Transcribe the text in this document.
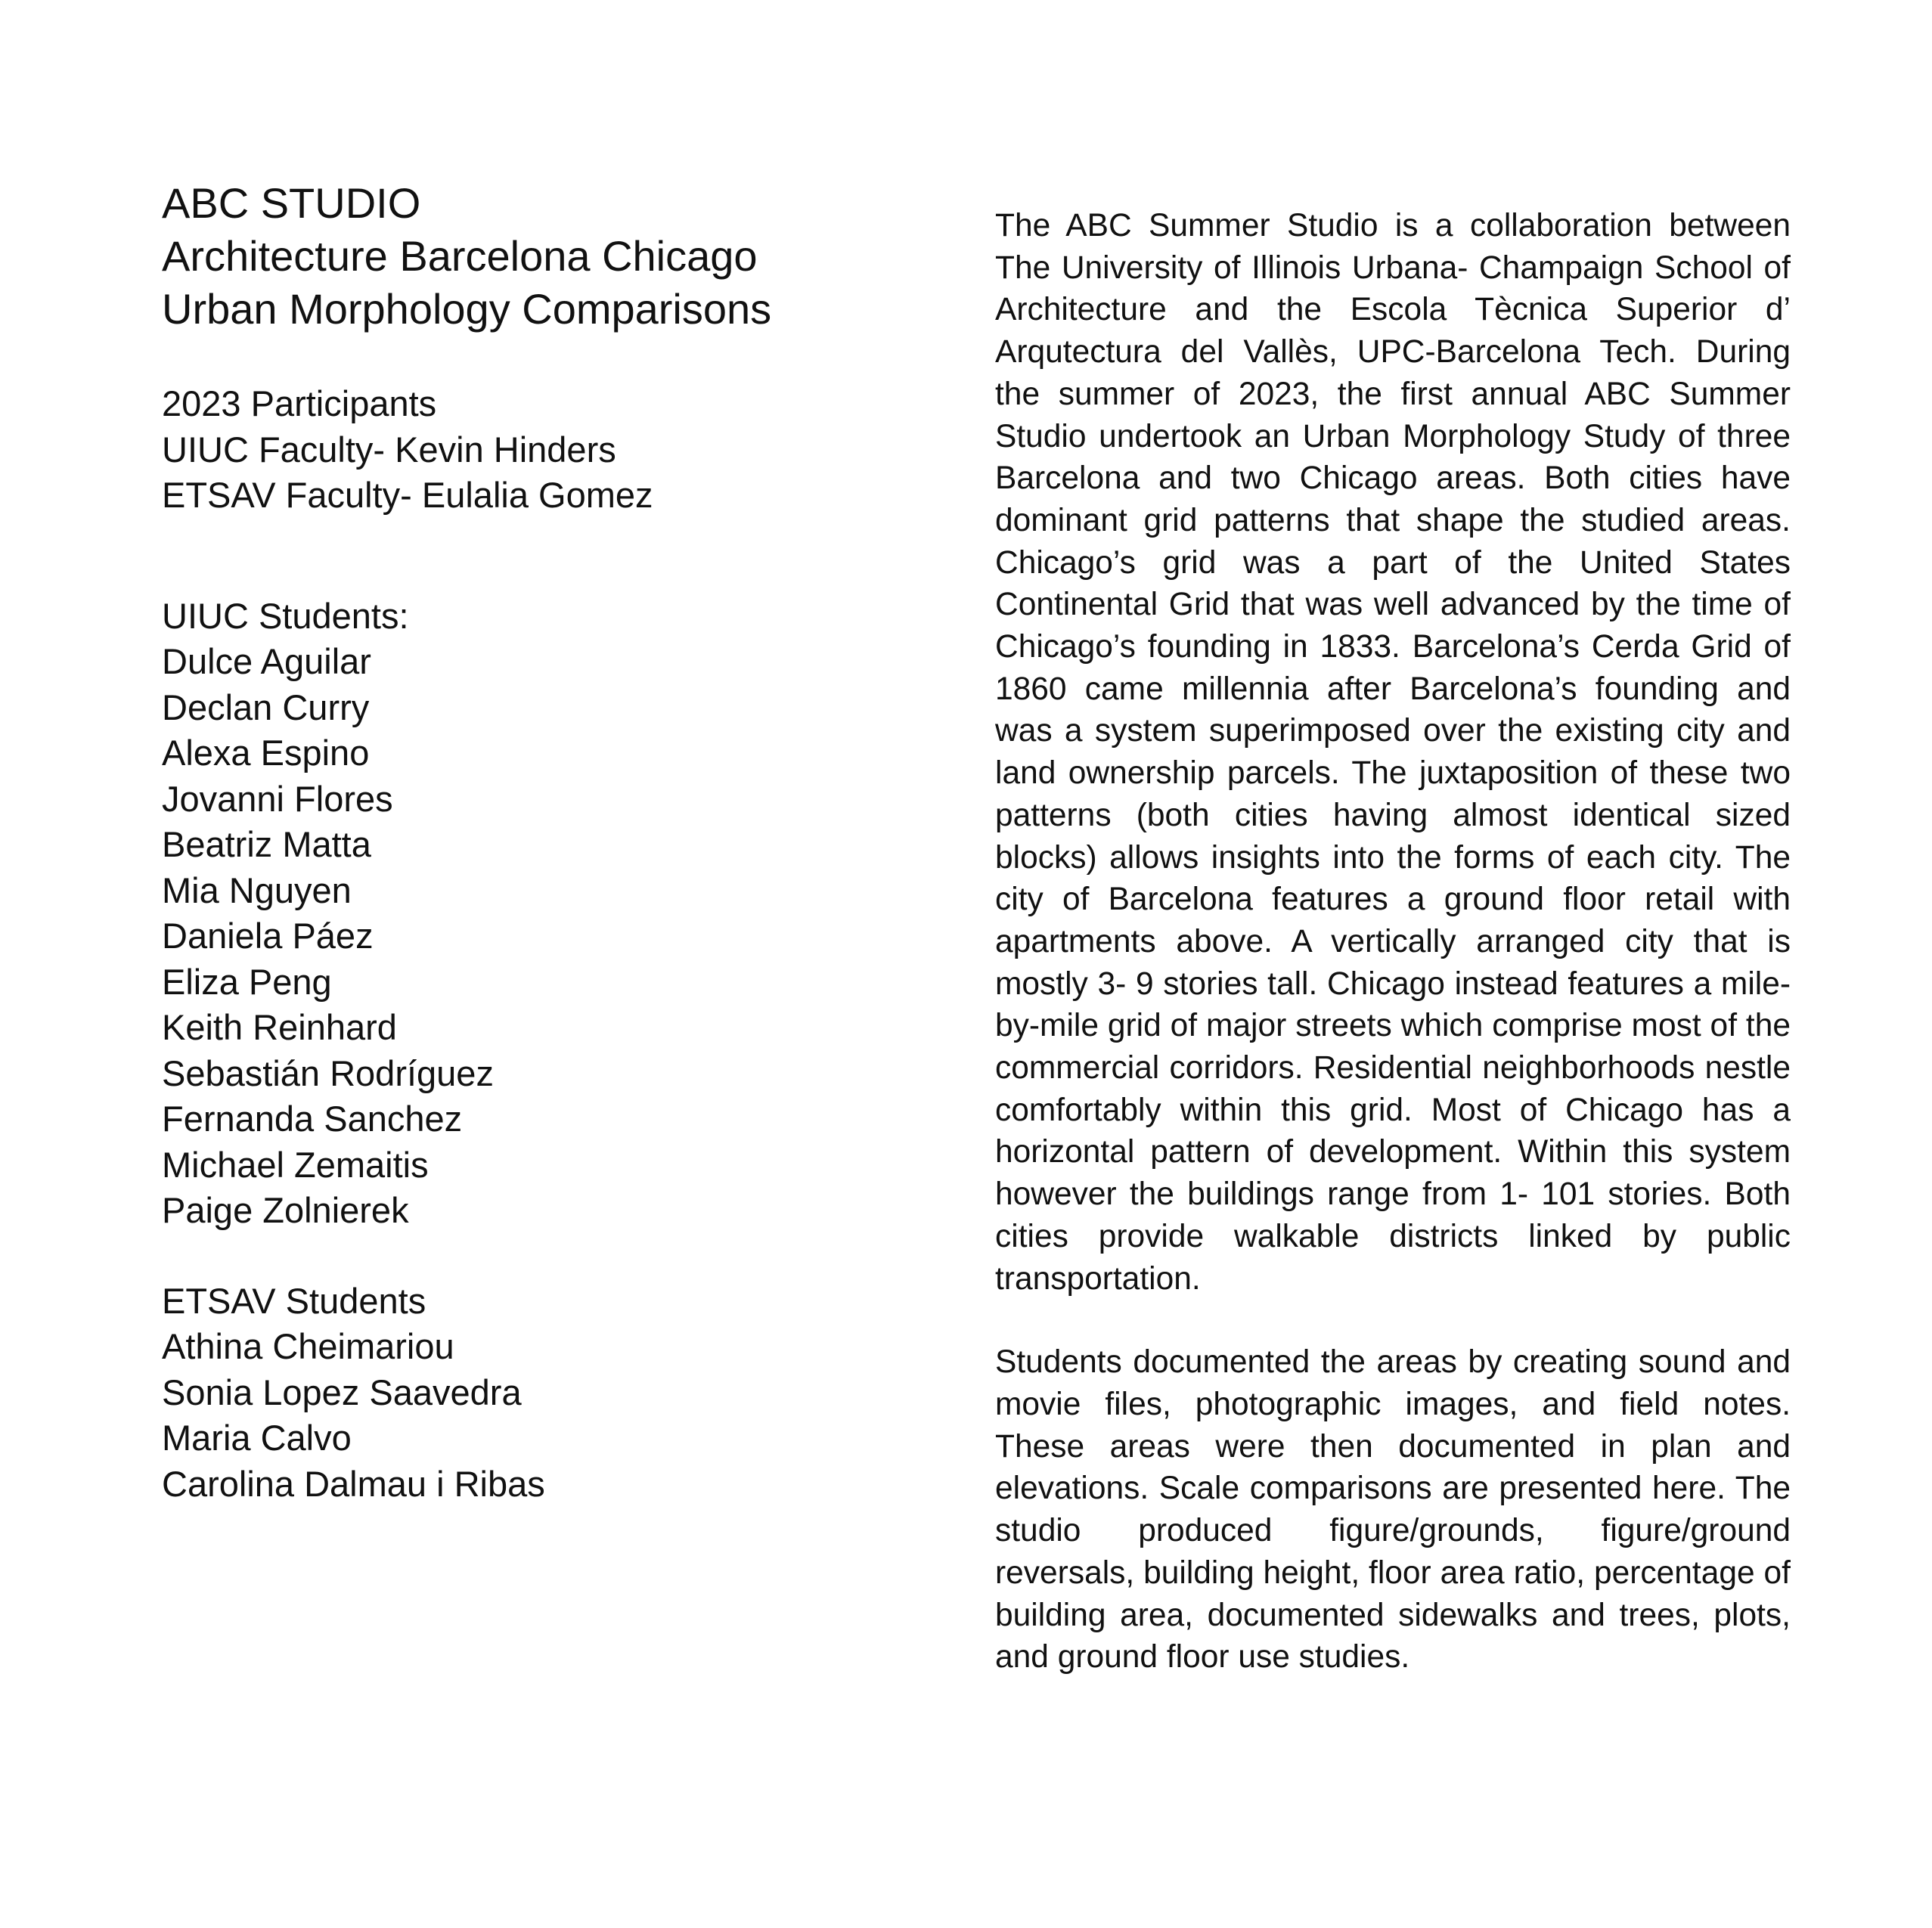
ABC STUDIO
Architecture Barcelona Chicago
Urban Morphology Comparisons
2023 Participants
UIUC Faculty- Kevin Hinders
ETSAV Faculty- Eulalia Gomez
UIUC Students:
Dulce Aguilar
Declan Curry
Alexa Espino
Jovanni Flores
Beatriz Matta
Mia Nguyen
Daniela Páez
Eliza Peng
Keith Reinhard
Sebastián Rodríguez
Fernanda Sanchez
Michael Zemaitis
Paige Zolnierek
ETSAV Students
Athina Cheimariou
Sonia Lopez Saavedra
Maria Calvo
Carolina Dalmau i Ribas

The ABC Summer Studio is a collaboration between The University of Illinois Urbana- Champaign School of Architecture and the Escola Tècnica Superior d’ Arqutectura del Vallès, UPC-Barcelona Tech. During the summer of 2023, the first annual ABC Summer Studio undertook an Urban Morphology Study of three Barcelona and two Chicago areas. Both cities have dominant grid patterns that shape the studied areas. Chicago’s grid was a part of the United States Continental Grid that was well advanced by the time of Chicago’s founding in 1833. Barcelona’s Cerda Grid of 1860 came millennia after Barcelona’s founding and was a system superimposed over the existing city and land ownership parcels. The juxtaposition of these two patterns (both cities having almost identical sized blocks) allows insights into the forms of each city. The city of Barcelona features a ground floor retail with apartments above. A vertically arranged city that is mostly 3- 9 stories tall. Chicago instead features a mile-by-mile grid of major streets which comprise most of the commercial corridors. Residential neighborhoods nestle comfortably within this grid. Most of Chicago has a horizontal pattern of development. Within this system however the buildings range from 1- 101 stories. Both cities provide walkable districts linked by public transportation.

Students documented the areas by creating sound and movie files, photographic images, and field notes. These areas were then documented in plan and elevations. Scale comparisons are presented here. The studio produced figure/grounds, figure/ground reversals, building height, floor area ratio, percentage of building area, documented sidewalks and trees, plots, and ground floor use studies.
